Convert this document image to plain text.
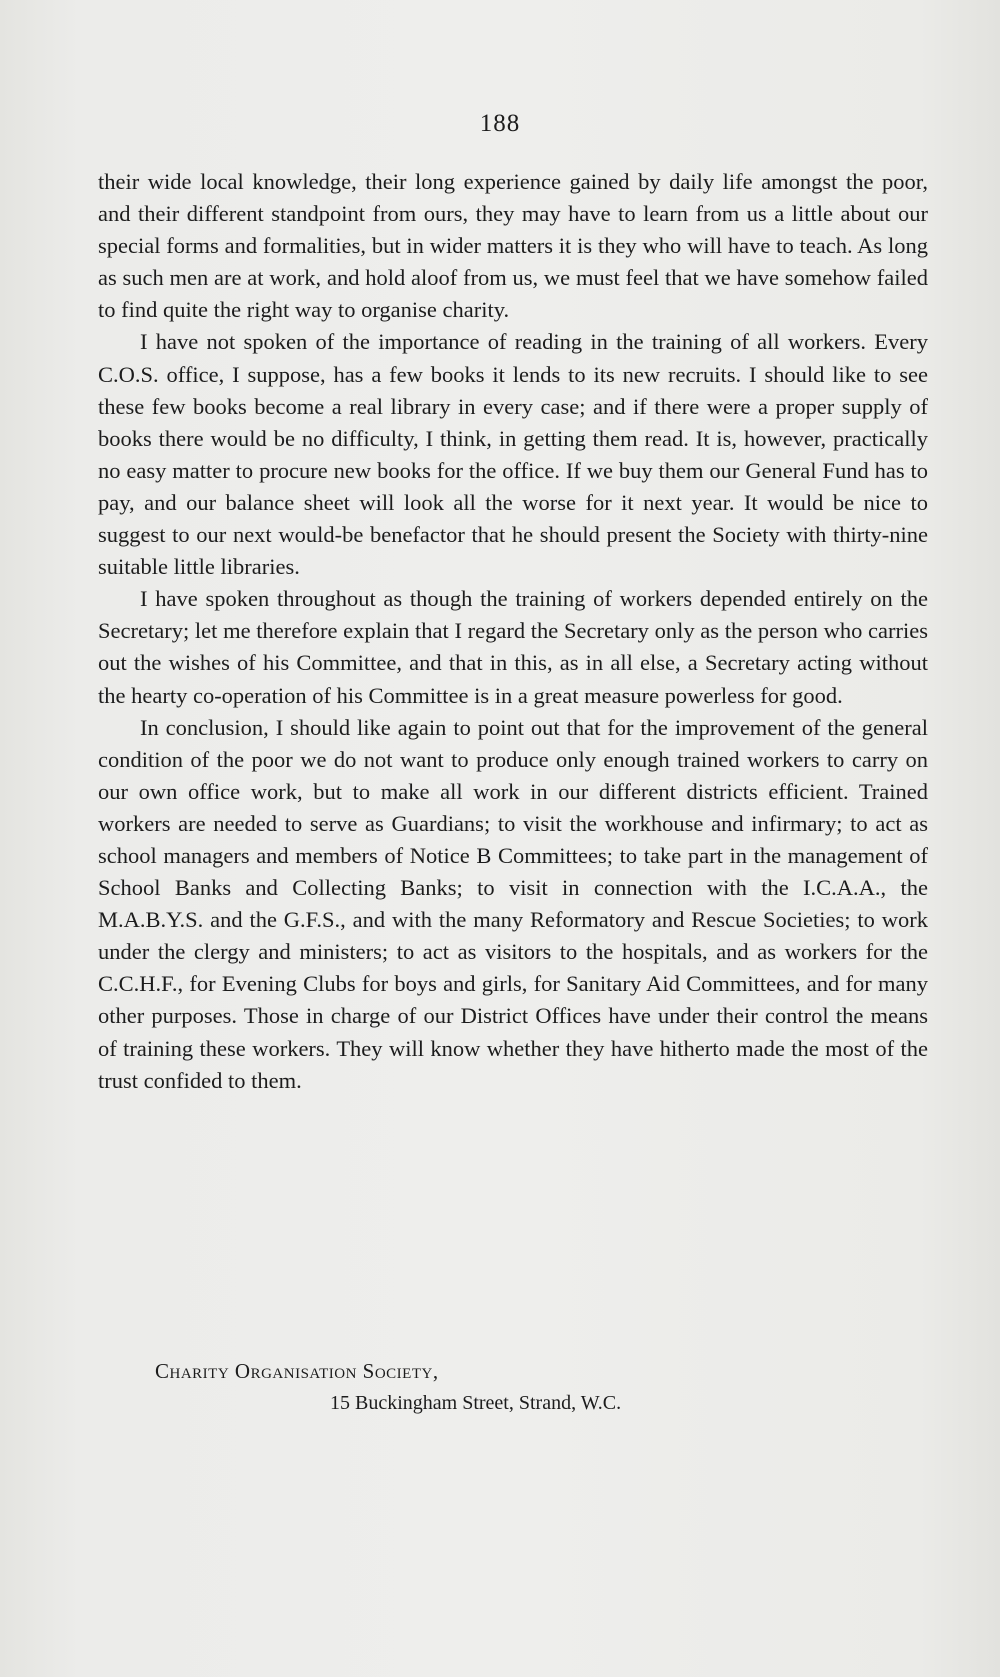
188

their wide local knowledge, their long experience gained by daily life amongst the poor, and their different standpoint from ours, they may have to learn from us a little about our special forms and formalities, but in wider matters it is they who will have to teach. As long as such men are at work, and hold aloof from us, we must feel that we have somehow failed to find quite the right way to organise charity.

I have not spoken of the importance of reading in the training of all workers. Every C.O.S. office, I suppose, has a few books it lends to its new recruits. I should like to see these few books become a real library in every case; and if there were a proper supply of books there would be no difficulty, I think, in getting them read. It is, however, practically no easy matter to procure new books for the office. If we buy them our General Fund has to pay, and our balance sheet will look all the worse for it next year. It would be nice to suggest to our next would-be benefactor that he should present the Society with thirty-nine suitable little libraries.

I have spoken throughout as though the training of workers depended entirely on the Secretary; let me therefore explain that I regard the Secretary only as the person who carries out the wishes of his Committee, and that in this, as in all else, a Secretary acting without the hearty co-operation of his Committee is in a great measure powerless for good.

In conclusion, I should like again to point out that for the improvement of the general condition of the poor we do not want to produce only enough trained workers to carry on our own office work, but to make all work in our different districts efficient. Trained workers are needed to serve as Guardians; to visit the workhouse and infirmary; to act as school managers and members of Notice B Committees; to take part in the management of School Banks and Collecting Banks; to visit in connection with the I.C.A.A., the M.A.B.Y.S. and the G.F.S., and with the many Reformatory and Rescue Societies; to work under the clergy and ministers; to act as visitors to the hospitals, and as workers for the C.C.H.F., for Evening Clubs for boys and girls, for Sanitary Aid Committees, and for many other purposes. Those in charge of our District Offices have under their control the means of training these workers. They will know whether they have hitherto made the most of the trust confided to them.

Charity Organisation Society,
15 Buckingham Street, Strand, W.C.
